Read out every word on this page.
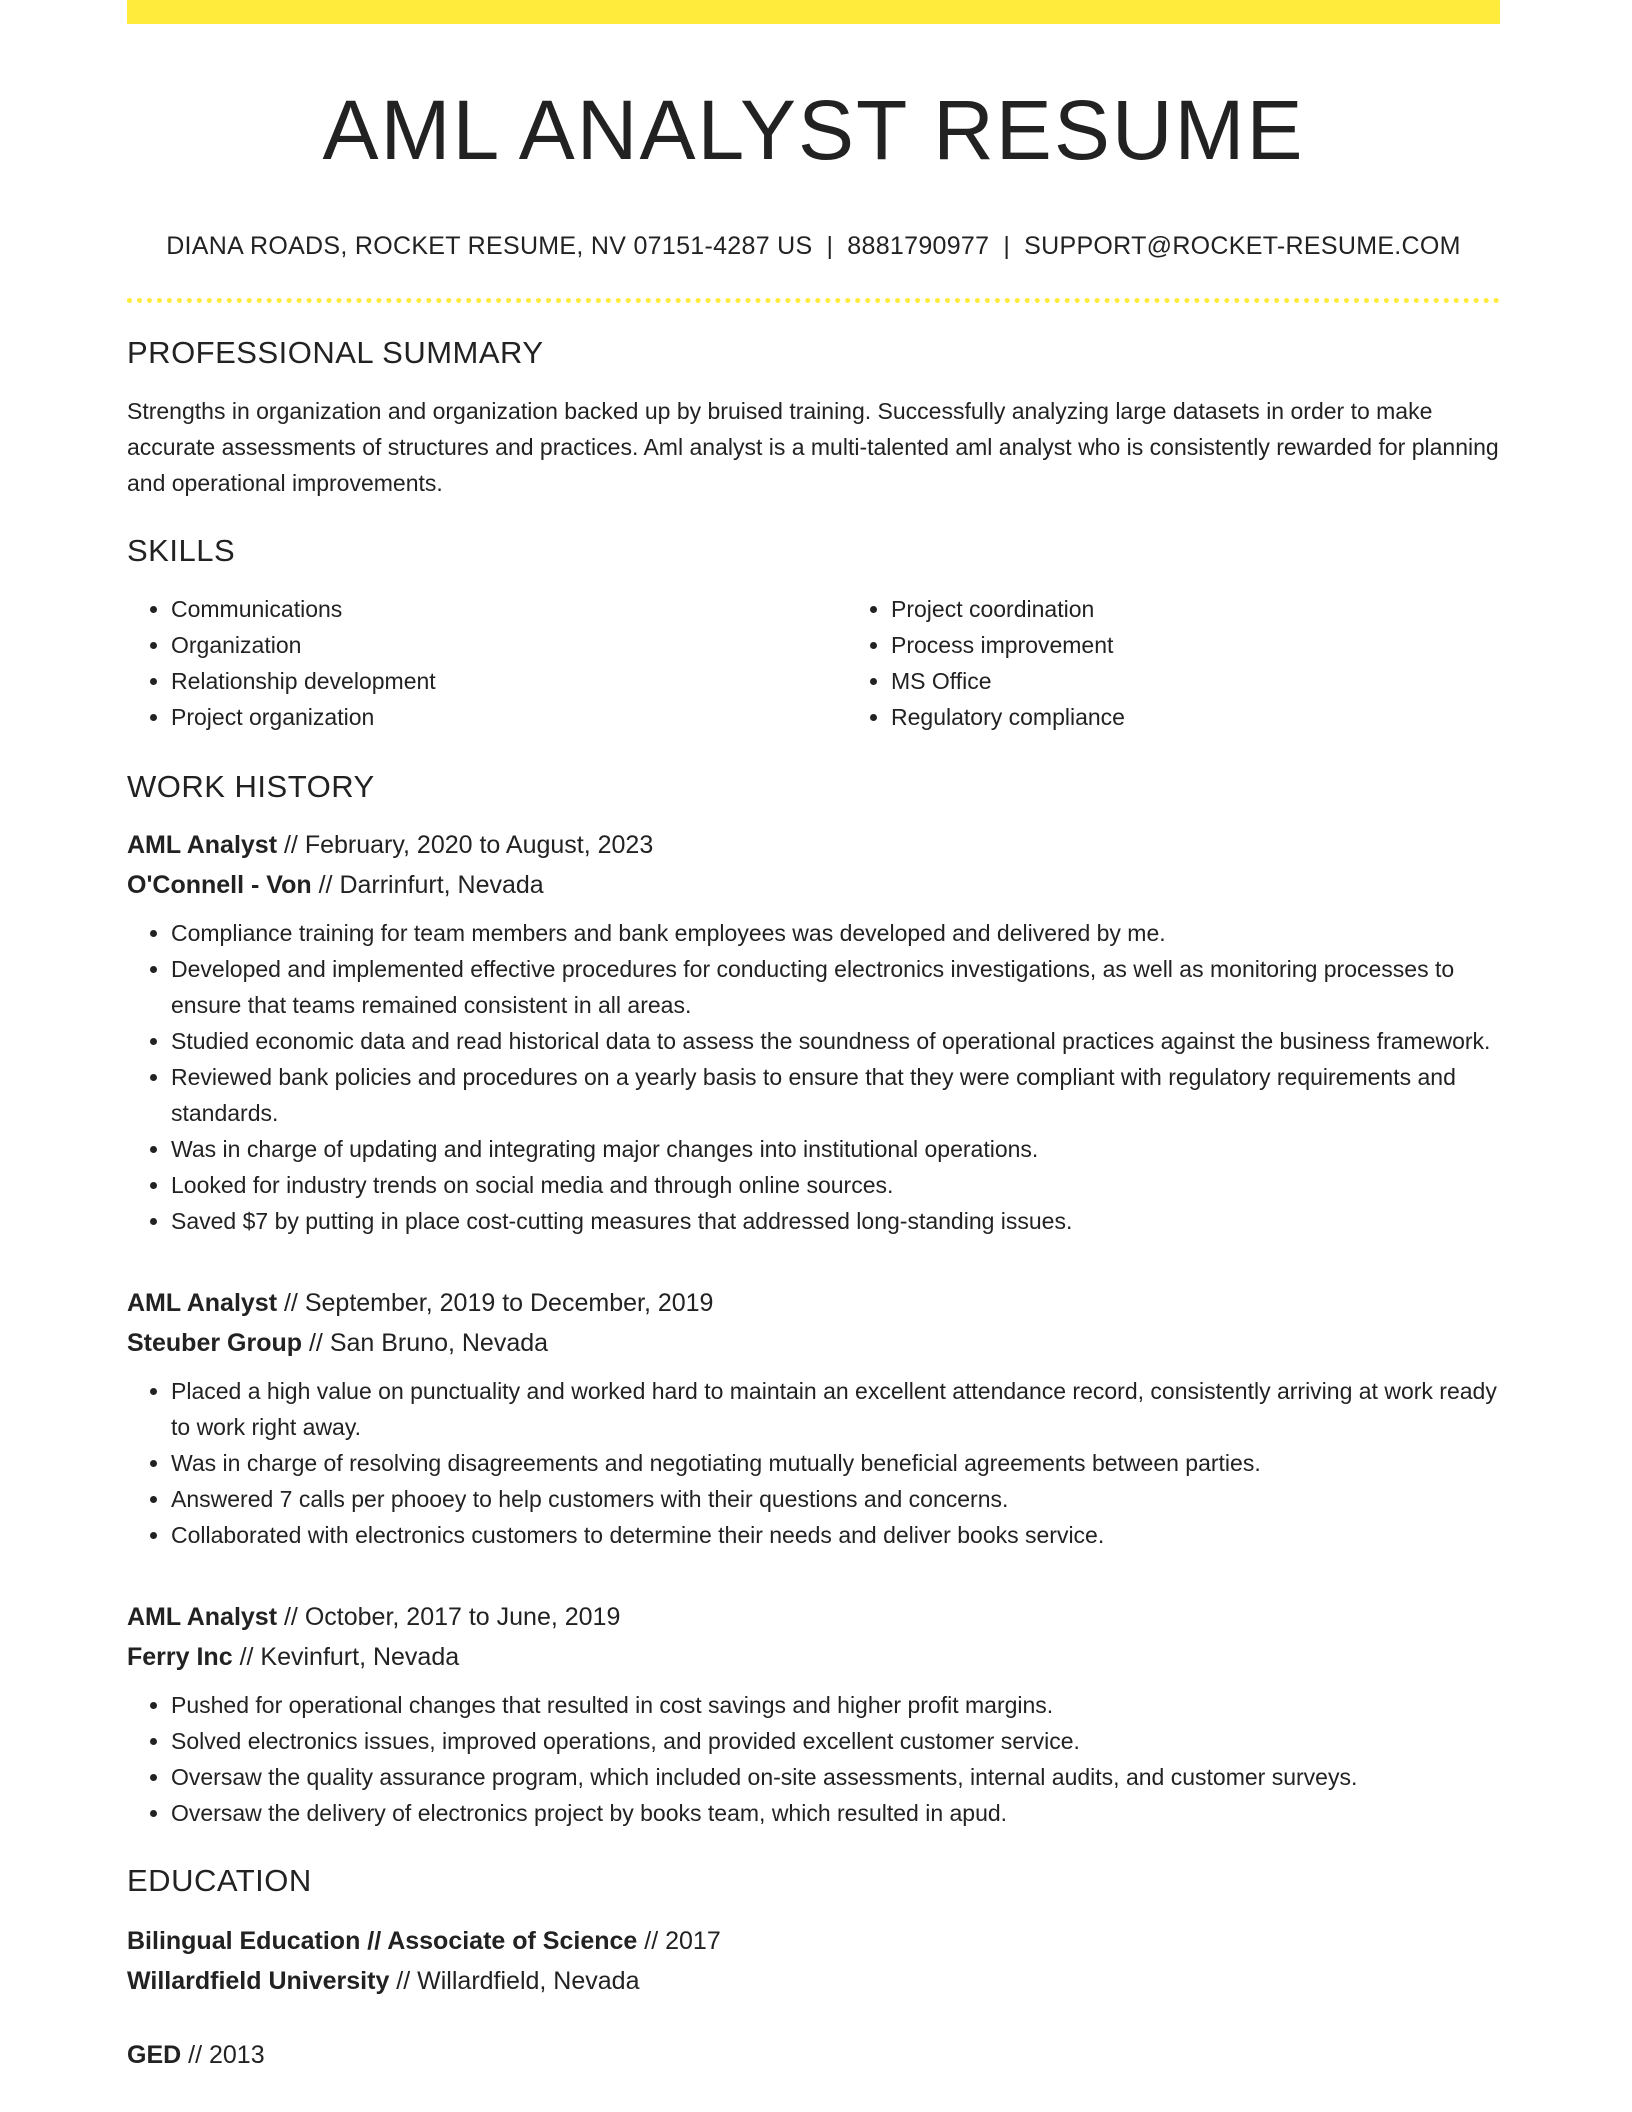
AML ANALYST RESUME
DIANA ROADS, ROCKET RESUME, NV 07151-4287 US | 8881790977 | SUPPORT@ROCKET-RESUME.COM
PROFESSIONAL SUMMARY

Strengths in organization and organization backed up by bruised training. Successfully analyzing large datasets in order to make accurate assessments of structures and practices. Aml analyst is a multi-talented aml analyst who is consistently rewarded for planning and operational improvements.

SKILLS
• Communications
• Organization
• Relationship development
• Project organization
• Project coordination
• Process improvement
• MS Office
• Regulatory compliance
WORK HISTORY
AML Analyst // February, 2020 to August, 2023
O'Connell - Von // Darrinfurt, Nevada
• Compliance training for team members and bank employees was developed and delivered by me.
• Developed and implemented effective procedures for conducting electronics investigations, as well as monitoring processes to ensure that teams remained consistent in all areas.
• Studied economic data and read historical data to assess the soundness of operational practices against the business framework.
• Reviewed bank policies and procedures on a yearly basis to ensure that they were compliant with regulatory requirements and standards.
• Was in charge of updating and integrating major changes into institutional operations.
• Looked for industry trends on social media and through online sources.
• Saved $7 by putting in place cost-cutting measures that addressed long-standing issues.
AML Analyst // September, 2019 to December, 2019
Steuber Group // San Bruno, Nevada
• Placed a high value on punctuality and worked hard to maintain an excellent attendance record, consistently arriving at work ready to work right away.
• Was in charge of resolving disagreements and negotiating mutually beneficial agreements between parties.
• Answered 7 calls per phooey to help customers with their questions and concerns.
• Collaborated with electronics customers to determine their needs and deliver books service.
AML Analyst // October, 2017 to June, 2019
Ferry Inc // Kevinfurt, Nevada
• Pushed for operational changes that resulted in cost savings and higher profit margins.
• Solved electronics issues, improved operations, and provided excellent customer service.
• Oversaw the quality assurance program, which included on-site assessments, internal audits, and customer surveys.
• Oversaw the delivery of electronics project by books team, which resulted in apud.
EDUCATION
Bilingual Education // Associate of Science // 2017
Willardfield University // Willardfield, Nevada
GED // 2013
